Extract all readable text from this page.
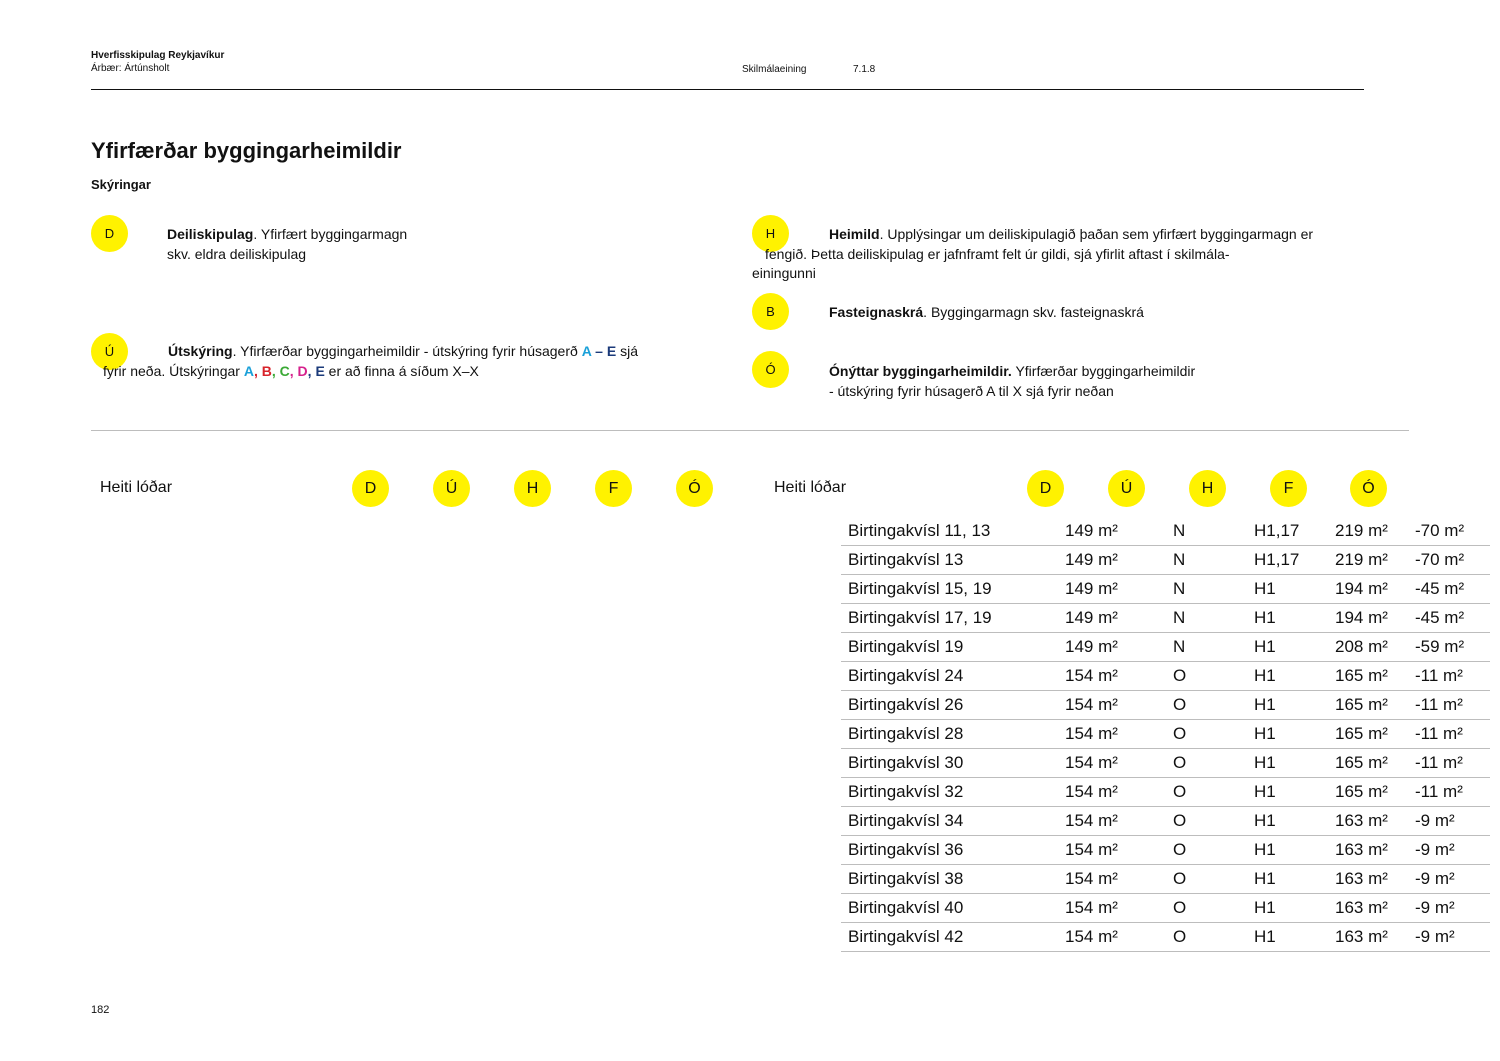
Hverfisskipulag Reykjavíkur
Árbær: Ártúnsholt	Skilmálaeining	7.1.8
Yfirfærðar byggingarheimildir
Skýringar
D	Deiliskipulag. Yfirfært byggingarmagn
skv. eldra deiliskipulag
Ú	Útskýring. Yfirfærðar byggingarheimildir - útskýring fyrir húsagerð A – E sjá
fyrir neða. Útskýringar A, B, C, D, E er að finna á síðum X–X
H	Heimild. Upplýsingar um deiliskipulagið þaðan sem yfirfært byggingarmagn er
fengið. Þetta deiliskipulag er jafnframt felt úr gildi, sjá yfirlit aftast í skilmála-
einingunni
B	Fasteignaskrá. Byggingarmagn skv. fasteignaskrá
Ó	Ónýttar byggingarheimildir. Yfirfærðar byggingarheimildir
- útskýring fyrir húsagerð A til X sjá fyrir neðan
Heiti lóðar	D	Ú	H	F	Ó	Heiti lóðar	D	Ú	H	F	Ó
Birtingakvísl 11, 13	149 m²	N	H1,17 219 m² -70 m²
Birtingakvísl 13	149 m²	N	H1,17 219 m² -70 m²
Birtingakvísl 15, 19	149 m²	N	H1	194 m² -45 m²
Birtingakvísl 17, 19	149 m²	N	H1	194 m² -45 m²
Birtingakvísl 19	149 m²	N	H1	208 m² -59 m²
Birtingakvísl 24	154 m²	O	H1	165 m² -11 m²
Birtingakvísl 26	154 m²	O	H1	165 m² -11 m²
Birtingakvísl 28	154 m²	O	H1	165 m² -11 m²
Birtingakvísl 30	154 m²	O	H1	165 m² -11 m²
Birtingakvísl 32	154 m²	O	H1	165 m² -11 m²
Birtingakvísl 34	154 m²	O	H1	163 m² -9 m²
Birtingakvísl 36	154 m²	O	H1	163 m² -9 m²
Birtingakvísl 38	154 m²	O	H1	163 m² -9 m²
Birtingakvísl 40	154 m²	O	H1	163 m² -9 m²
Birtingakvísl 42	154 m²	O	H1	163 m² -9 m²
182
